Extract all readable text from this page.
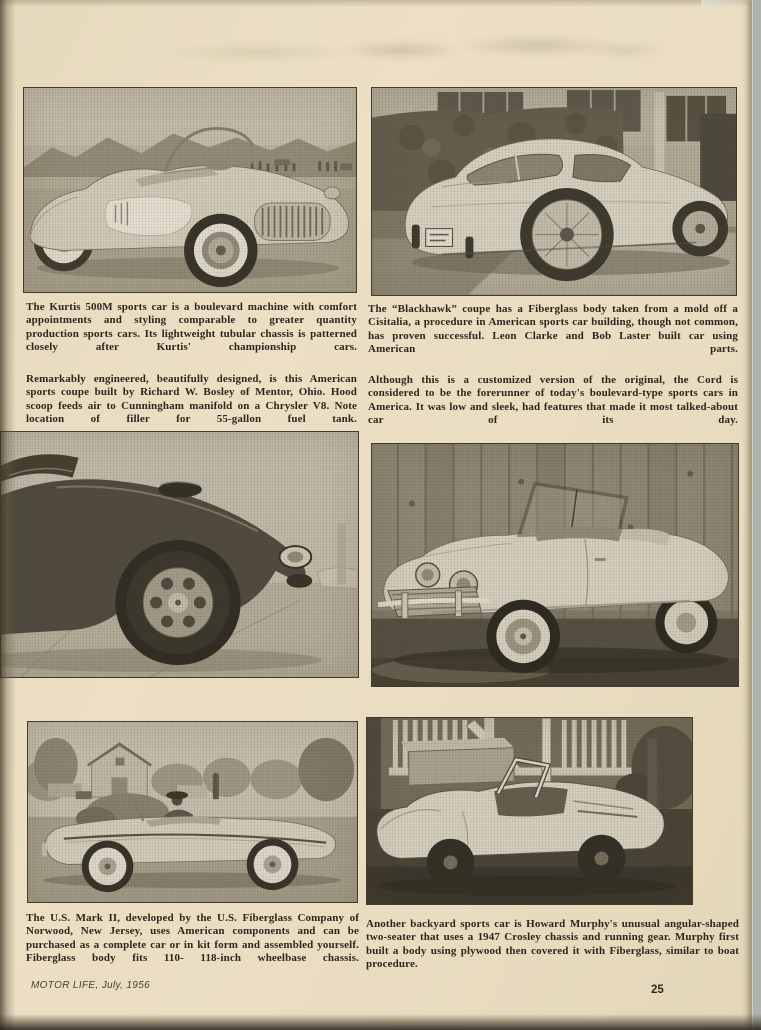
The Kurtis 500M sports car is a boulevard machine with comfort appointments and styling comparable to greater quantity production sports cars. Its lightweight tubular chassis is patterned closely after Kurtis' championship cars.

The “Blackhawk” coupe has a Fiberglass body taken from a mold off a Cisitalia, a procedure in American sports car building, though not common, has proven successful. Leon Clarke and Bob Laster built car using American parts.

Remarkably engineered, beautifully designed, is this American sports coupe built by Richard W. Bosley of Mentor, Ohio. Hood scoop feeds air to Cunningham manifold on a Chrysler V8. Note location of filler for 55-gallon fuel tank.

Although this is a customized version of the original, the Cord is considered to be the forerunner of today's boulevard-type sports cars in America. It was low and sleek, had features that made it most talked-about car of its day.

The U.S. Mark II, developed by the U.S. Fiberglass Company of Norwood, New Jersey, uses American components and can be purchased as a complete car or in kit form and assembled yourself. Fiberglass body fits 110- 118-inch wheelbase chassis.

Another backyard sports car is Howard Murphy's unusual angular-shaped two-seater that uses a 1947 Crosley chassis and running gear. Murphy first built a body using plywood then covered it with Fiberglass, similar to boat procedure.

MOTOR LIFE, July, 1956	25
